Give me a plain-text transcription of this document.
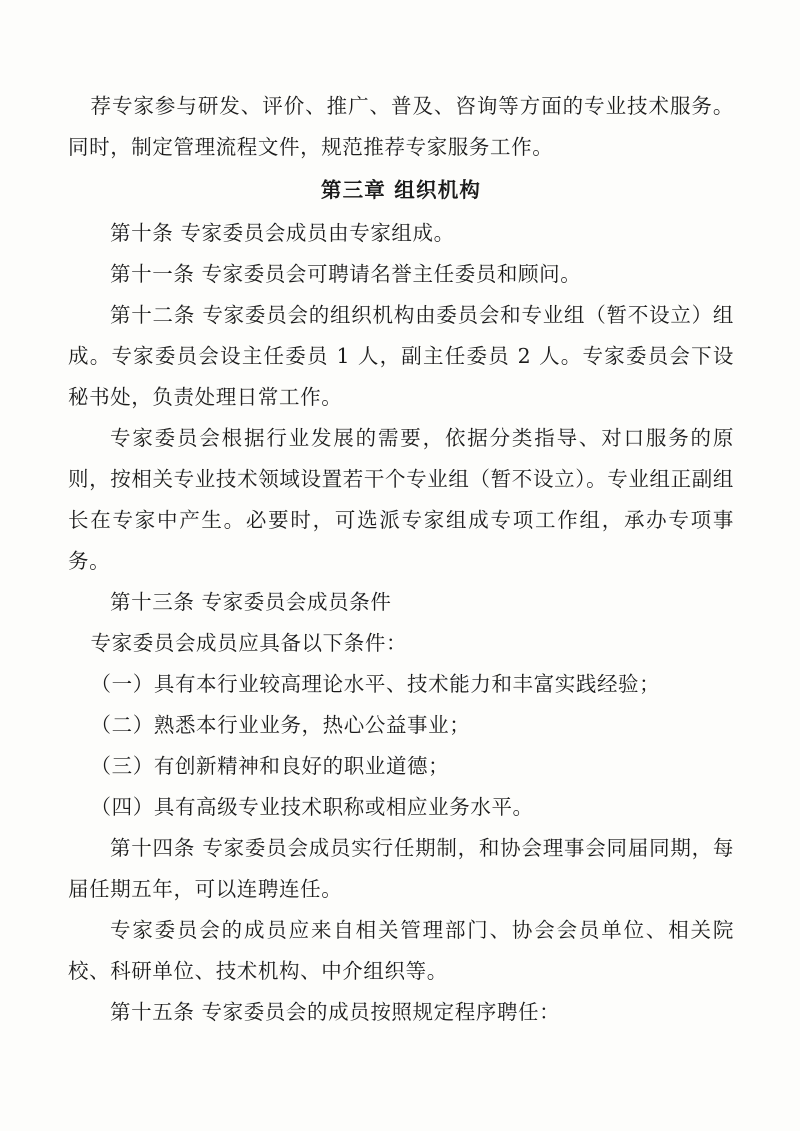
荐专家参与研发、评价、推广、普及、咨询等方面的专业技术服务。同时，制定管理流程文件，规范推荐专家服务工作。

第三章 组织机构

第十条 专家委员会成员由专家组成。

第十一条 专家委员会可聘请名誉主任委员和顾问。

第十二条 专家委员会的组织机构由委员会和专业组（暂不设立）组成。专家委员会设主任委员 1 人，副主任委员 2 人。专家委员会下设秘书处，负责处理日常工作。

专家委员会根据行业发展的需要，依据分类指导、对口服务的原则，按相关专业技术领域设置若干个专业组（暂不设立）。专业组正副组长在专家中产生。必要时，可选派专家组成专项工作组，承办专项事务。

第十三条 专家委员会成员条件

专家委员会成员应具备以下条件：

（一）具有本行业较高理论水平、技术能力和丰富实践经验；

（二）熟悉本行业业务，热心公益事业；

（三）有创新精神和良好的职业道德；

（四）具有高级专业技术职称或相应业务水平。

第十四条 专家委员会成员实行任期制，和协会理事会同届同期，每届任期五年，可以连聘连任。

专家委员会的成员应来自相关管理部门、协会会员单位、相关院校、科研单位、技术机构、中介组织等。

第十五条 专家委员会的成员按照规定程序聘任：
